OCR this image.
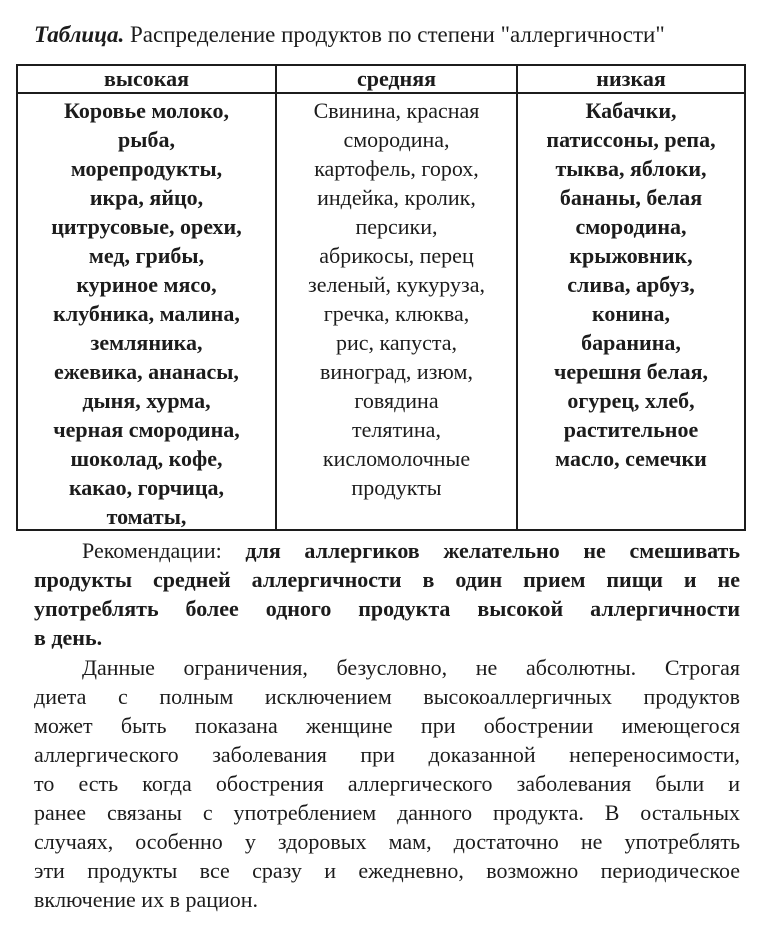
Таблица. Распределение продуктов по степени "аллергичности"
высокая	средняя	низкая
Коровье молоко,
рыба,
морепродукты,
икра, яйцо,
цитрусовые, орехи,
мед, грибы,
куриное мясо,
клубника, малина,
земляника,
ежевика, ананасы,
дыня, хурма,
черная смородина,
шоколад, кофе,
какао, горчица,
томаты,
Свинина, красная
смородина,
картофель, горох,
индейка, кролик,
персики,
абрикосы, перец
зеленый, кукуруза,
гречка, клюква,
рис, капуста,
виноград, изюм,
говядина
телятина,
кисломолочные
продукты
Кабачки,
патиссоны, репа,
тыква, яблоки,
бананы, белая
смородина,
крыжовник,
слива, арбуз,
конина,
баранина,
черешня белая,
огурец, хлеб,
растительное
масло, семечки
Рекомендации: для аллергиков желательно не смешивать
продукты средней аллергичности в один прием пищи и не
употреблять более одного продукта высокой аллергичности
в день.
Данные ограничения, безусловно, не абсолютны. Строгая
диета с полным исключением высокоаллергичных продуктов
может быть показана женщине при обострении имеющегося
аллергического заболевания при доказанной непереносимости,
то есть когда обострения аллергического заболевания были и
ранее связаны с употреблением данного продукта. В остальных
случаях, особенно у здоровых мам, достаточно не употреблять
эти продукты все сразу и ежедневно, возможно периодическое
включение их в рацион.
